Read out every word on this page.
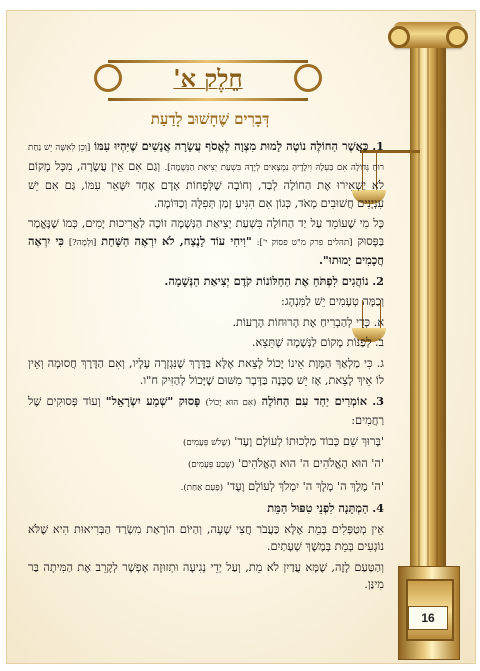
16
חֵלֶק א'
דְּבָרִים שֶׁחָשׁוּב לָדַעַת

1. כַּאֲשֶׁר הַחוֹלֶה נוֹטֶה לָמוּת מִצְוָה לֶאֱסֹף עֲשָׂרָה אֲנָשִׁים שֶׁיִּהְיוּ עִמּוֹ [וְכֵן לְאִשָּׁה יֵשׁ נַחַת רוּחַ גְּדוֹלָה אִם בַּעְלָהּ וִילָדֶיהָ נִמְצָאִים לְיָדָהּ בִּשְׁעַת יְצִיאַת הַנְּשָׁמָה]. וְגַם אִם אֵין עֲשָׂרָה, מִכָּל מָקוֹם לֹא יַשְׁאִירוּ אֶת הַחוֹלֶה לְבַד, וְחוֹבָה שֶׁלְּפָחוֹת אָדָם אֶחָד יִשָּׁאֵר עִמּוֹ, גַּם אִם יֵשׁ עִנְיָנִים חֲשׁוּבִים מְאֹד, כְּגוֹן אִם הִגִּיעַ זְמַן תְּפִלָּה וְכַדּוֹמֶה.

כָּל מִי שֶׁעוֹמֵד עַל יַד הַחוֹלֶה בִּשְׁעַת יְצִיאַת הַנְּשָׁמָה זוֹכֶה לַאֲרִיכוּת יָמִים, כְּמוֹ שֶׁנֶּאֱמַר בַּפָּסוּק [תהלים פרק מ"ט פסוק י']: "וִיחִי עוֹד לָנֶצַח, לֹא יִרְאֶה הַשָּׁחַת [וּלְמָה?] כִּי יִרְאֶה חֲכָמִים יָמוּתוּ".

2. נוֹהֲגִים לִפְתֹּחַ אֶת הַחַלּוֹנוֹת קֹדֶם יְצִיאַת הַנְּשָׁמָה.

וְכַמָּה טְעָמִים יֵשׁ לַמִּנְהָג:

א. כְּדֵי לְהַבְרִיחַ אֶת הָרוּחוֹת הָרָעוֹת.

ב. לְפַנּוֹת מָקוֹם לַנְּשָׁמָה שֶׁתֵּצֵא.

ג. כִּי מַלְאַךְ הַמָּוֶת אֵינוֹ יָכוֹל לָצֵאת אֶלָּא בַּדֶּרֶךְ שֶׁנִּגְזְרָה עָלָיו, וְאִם הַדֶּרֶךְ חֲסוּמָה וְאֵין לוֹ אֵיךְ לָצֵאת, אָז יֵשׁ סַכָּנָה בַּדָּבָר מִשּׁוּם שֶׁיָּכוֹל לְהַזִּיק ח"ו.

3. אוֹמְרִים יַחַד עִם הַחוֹלֶה (אִם הוּא יָכוֹל) פָּסוּק "שְׁמַע יִשְׂרָאֵל" וְעוֹד פְּסוּקִים שֶׁל רַחֲמִים:

'בָּרוּךְ שֵׁם כְּבוֹד מַלְכוּתוֹ לְעוֹלָם וָעֶד' (שָׁלֹשׁ פְּעָמִים)

'ה' הוּא הָאֱלֹהִים ה' הוּא הָאֱלֹהִים' (שֶׁבַע פְּעָמִים)

'ה' מֶלֶךְ ה' מָלָךְ ה' יִמְלֹךְ לְעוֹלָם וָעֶד' (פַּעַם אַחַת).

4. הַמְתָּנָה לִפְנֵי טִפּוּל הַמֵּת

אֵין מְטַפְּלִים בְּמֵת אֶלָּא כַּעֲבֹר חֲצִי שָׁעָה, וְהַיּוֹם הוֹרָאַת מִשְׂרַד הַבְּרִיאוּת הִיא שֶׁלֹּא נוֹגְעִים בְּמֵת בְּמֶשֶׁךְ שְׁעָתַיִם.

וְהַטַּעַם לָזֶה, שֶׁמָּא עֲדַיִן לֹא מֵת, וְעַל יְדֵי נְגִיעָה וּתְזוּזָה אֶפְשָׁר לְקָרֵב אֶת הַמִּיתָה בַּר מִינַּן.
